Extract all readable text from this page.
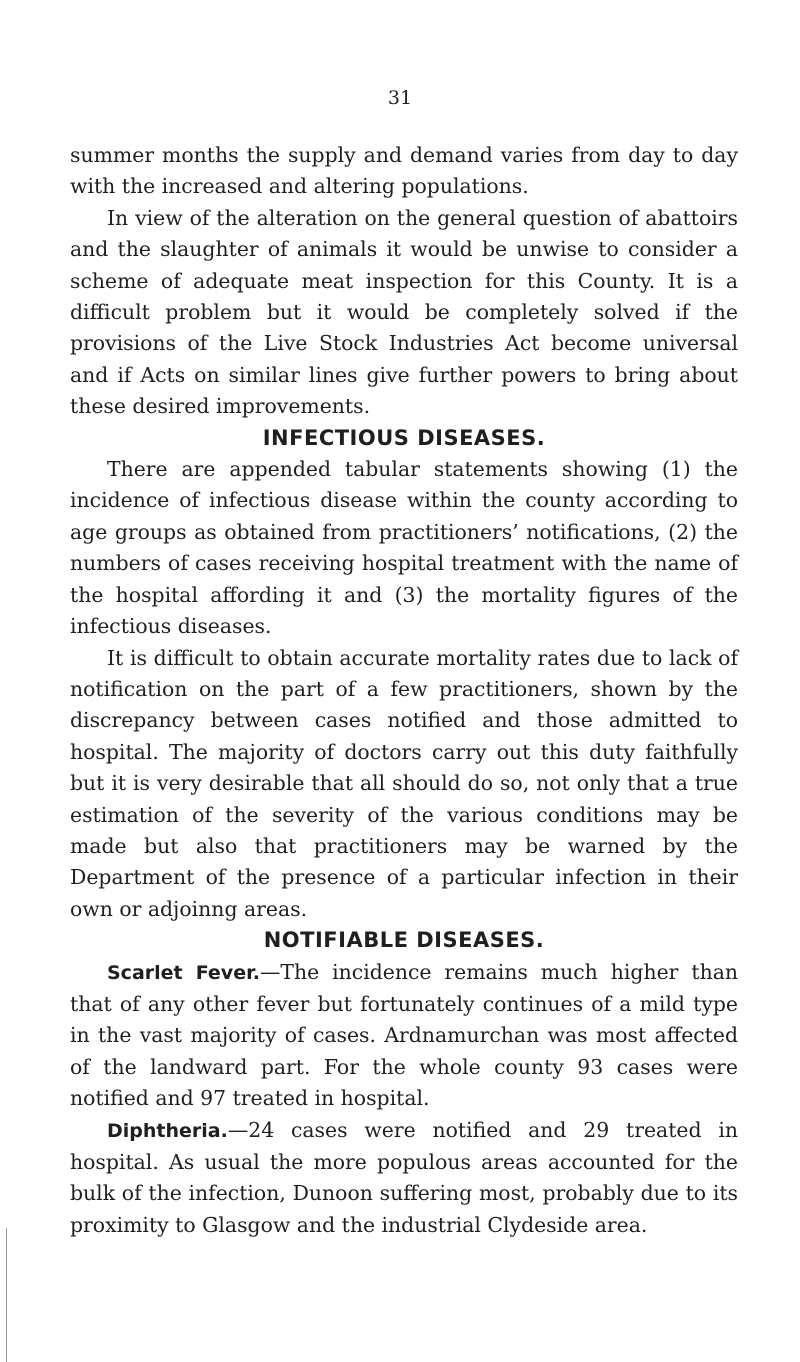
31

summer months the supply and demand varies from day to day with the increased and altering populations.

In view of the alteration on the general question of abattoirs and the slaughter of animals it would be unwise to consider a scheme of adequate meat inspection for this County. It is a difficult problem but it would be completely solved if the provisions of the Live Stock Industries Act become universal and if Acts on similar lines give further powers to bring about these desired improvements.

INFECTIOUS DISEASES.

There are appended tabular statements showing (1) the incidence of infectious disease within the county according to age groups as obtained from practitioners’ notifications, (2) the numbers of cases receiving hospital treatment with the name of the hospital affording it and (3) the mortality figures of the infectious diseases.

It is difficult to obtain accurate mortality rates due to lack of notification on the part of a few practitioners, shown by the discrepancy between cases notified and those admitted to hospital. The majority of doctors carry out this duty faithfully but it is very desirable that all should do so, not only that a true estimation of the severity of the various conditions may be made but also that practitioners may be warned by the Department of the presence of a particular infection in their own or adjoinng areas.

NOTIFIABLE DISEASES.

Scarlet Fever.—The incidence remains much higher than that of any other fever but fortunately continues of a mild type in the vast majority of cases. Ardnamurchan was most affected of the landward part. For the whole county 93 cases were notified and 97 treated in hospital.

Diphtheria.—24 cases were notified and 29 treated in hospital. As usual the more populous areas accounted for the bulk of the infection, Dunoon suffering most, probably due to its proximity to Glasgow and the industrial Clydeside area.
